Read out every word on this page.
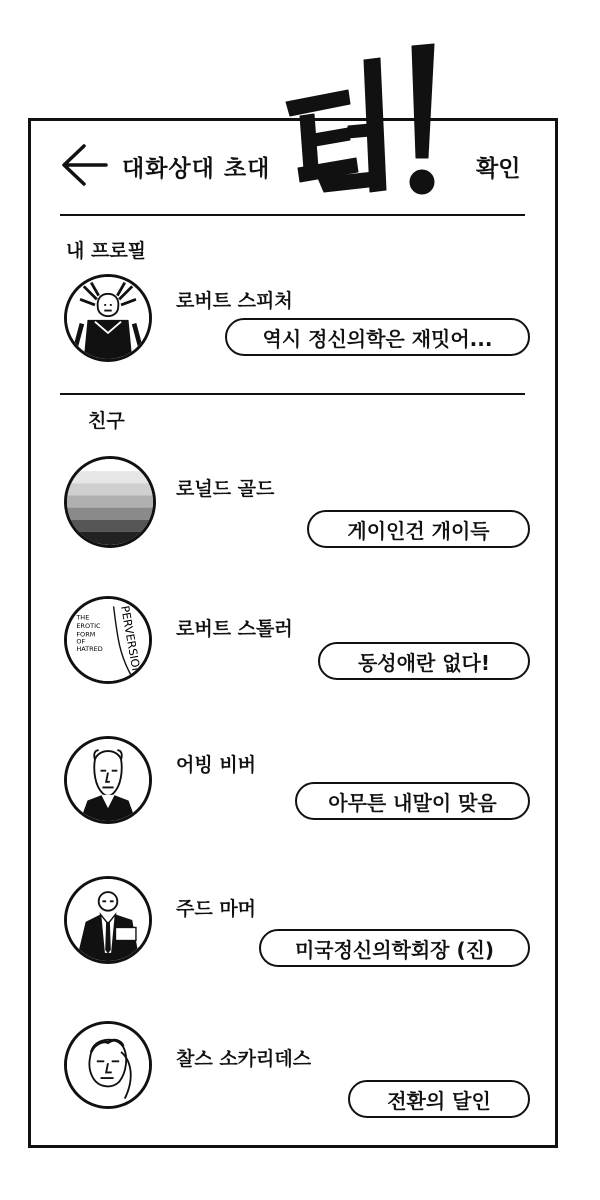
틱!
대화상대 초대	확인
내 프로필
로버트 스피처
역시 정신의학은 재밋어...
친구
로널드 골드
게이인건 개이득
THE
EROTIC
FORM
OF
HATRED PERVERSION 로버트 스톨러
동성애란 없다!
어빙 비버
아무튼 내말이 맞음
주드 마머
미국정신의학회장 (진)
찰스 소카리데스
전환의 달인
